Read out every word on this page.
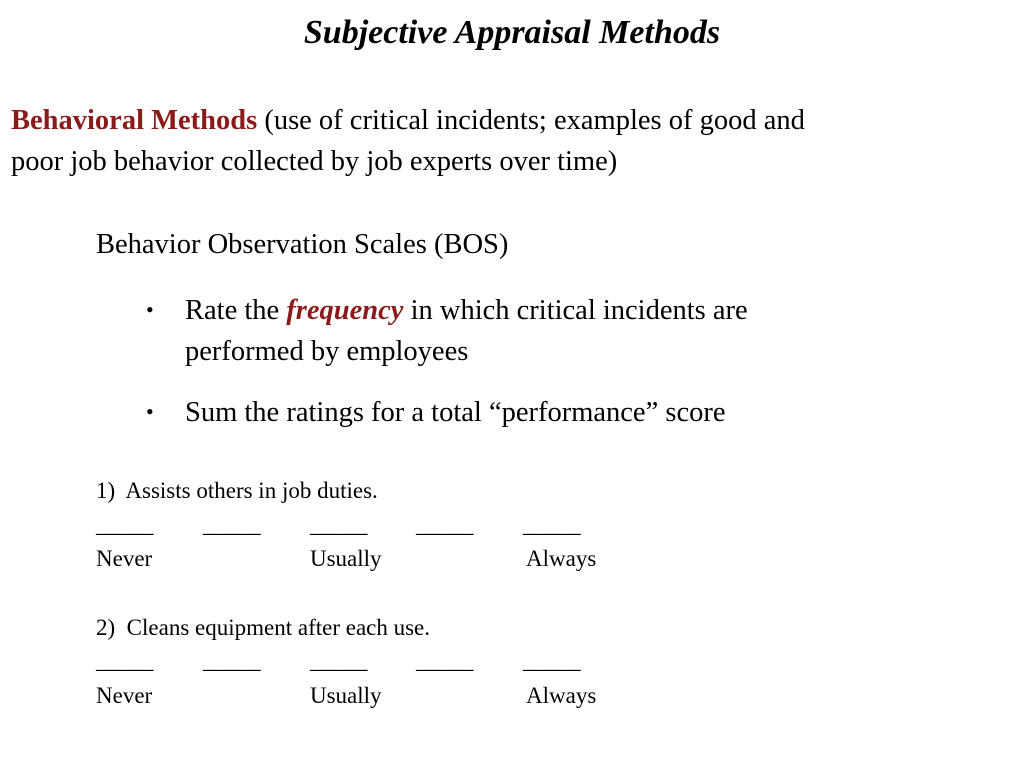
Subjective Appraisal Methods
Behavioral Methods (use of critical incidents; examples of good and
poor job behavior collected by job experts over time)
Behavior Observation Scales (BOS)
• Rate the frequency in which critical incidents are
performed by employees
• Sum the ratings for a total “performance” score
1) Assists others in job duties.
_____ _____ _____ _____ _____
Never	Usually	Always
2) Cleans equipment after each use.
_____ _____ _____ _____ _____
Never	Usually	Always
